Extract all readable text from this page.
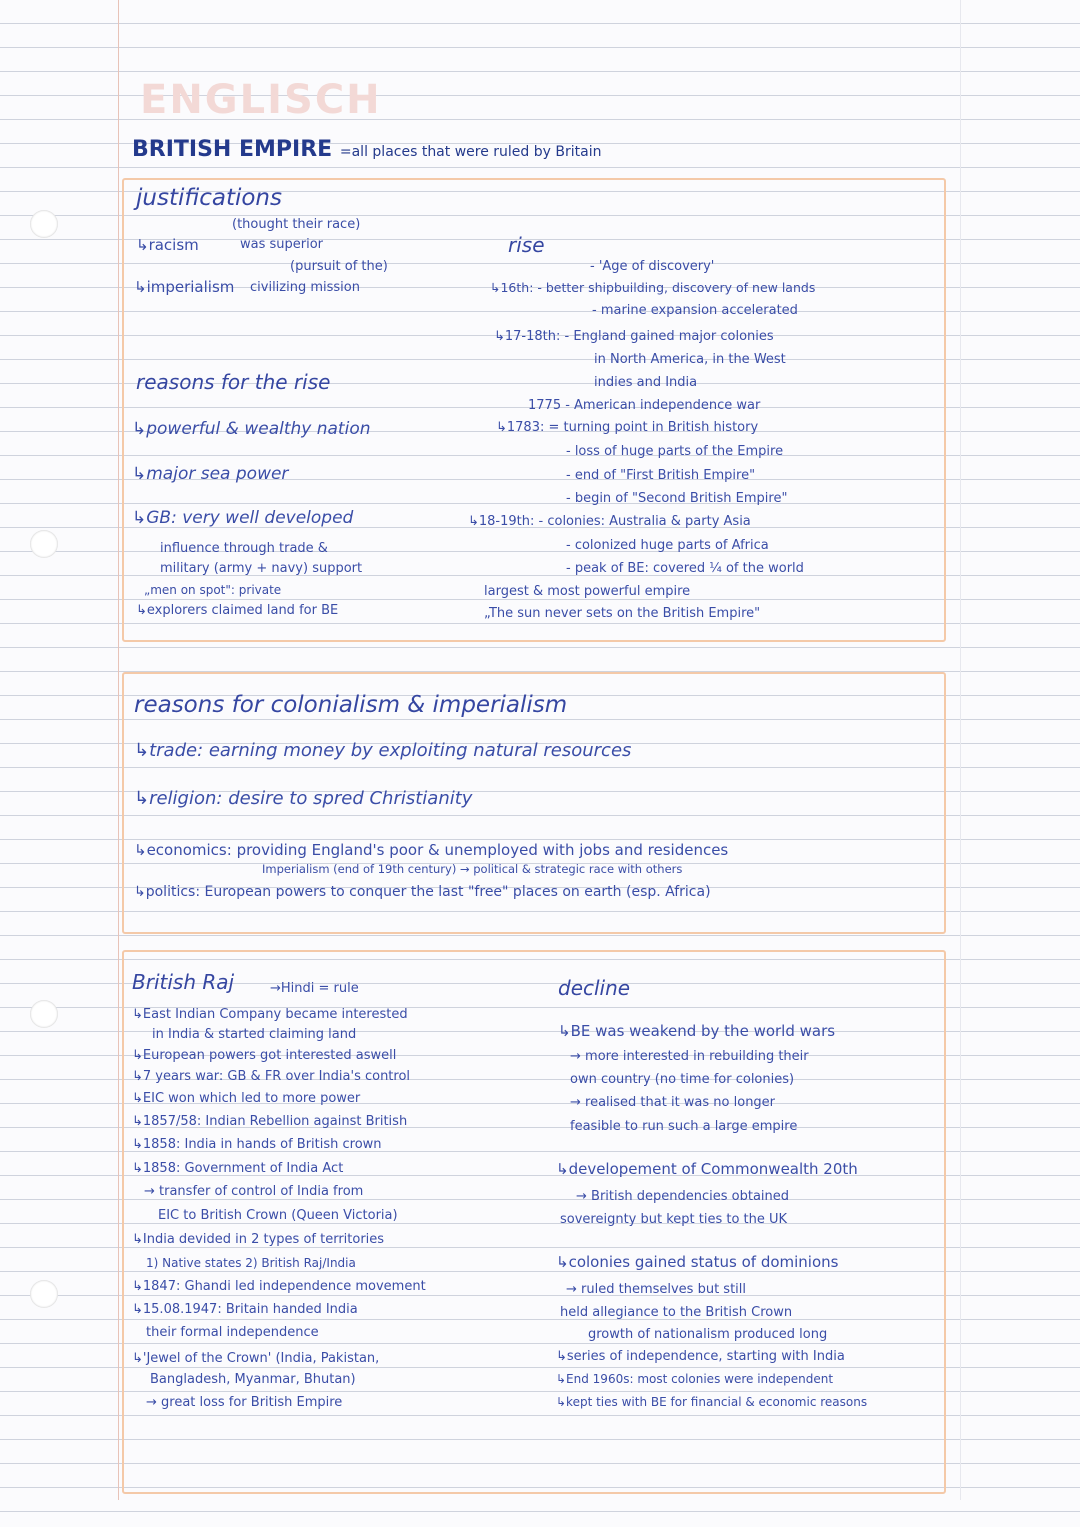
ENGLISCH
BRITISH EMPIRE =all places that were ruled by Britain
justifications
↳racism
(thought their race)
was superior
↳imperialism
(pursuit of the)
civilizing mission
reasons for the rise
↳powerful & wealthy nation
↳major sea power
↳GB: very well developed
influence through trade &
military (army + navy) support
„men on spot": private
↳explorers claimed land for BE
rise
- 'Age of discovery'
↳16th: - better shipbuilding, discovery of new lands
- marine expansion accelerated
↳17-18th: - England gained major colonies
in North America, in the West
indies and India
1775 - American independence war
↳1783: = turning point in British history
- loss of huge parts of the Empire
- end of "First British Empire"
- begin of "Second British Empire"
↳18-19th: - colonies: Australia & party Asia
- colonized huge parts of Africa
- peak of BE: covered ¼ of the world
largest & most powerful empire
„The sun never sets on the British Empire"
reasons for colonialism & imperialism
↳trade: earning money by exploiting natural resources
↳religion: desire to spred Christianity
↳economics: providing England's poor & unemployed with jobs and residences
Imperialism (end of 19th century) → political & strategic race with others
↳politics: European powers to conquer the last "free" places on earth (esp. Africa)
British Raj	→Hindi = rule
↳East Indian Company became interested
in India & started claiming land
↳European powers got interested aswell
↳7 years war: GB & FR over India's control
↳EIC won which led to more power
↳1857/58: Indian Rebellion against British
↳1858: India in hands of British crown
↳1858: Government of India Act
→ transfer of control of India from
EIC to British Crown (Queen Victoria)
↳India devided in 2 types of territories
1) Native states 2) British Raj/India
↳1847: Ghandi led independence movement
↳15.08.1947: Britain handed India
their formal independence
↳'Jewel of the Crown' (India, Pakistan,
Bangladesh, Myanmar, Bhutan)
→ great loss for British Empire
decline
↳BE was weakend by the world wars
→ more interested in rebuilding their
own country (no time for colonies)
→ realised that it was no longer
feasible to run such a large empire
↳developement of Commonwealth 20th
→ British dependencies obtained
sovereignty but kept ties to the UK
↳colonies gained status of dominions
→ ruled themselves but still
held allegiance to the British Crown
growth of nationalism produced long
↳series of independence, starting with India
↳End 1960s: most colonies were independent
↳kept ties with BE for financial & economic reasons
